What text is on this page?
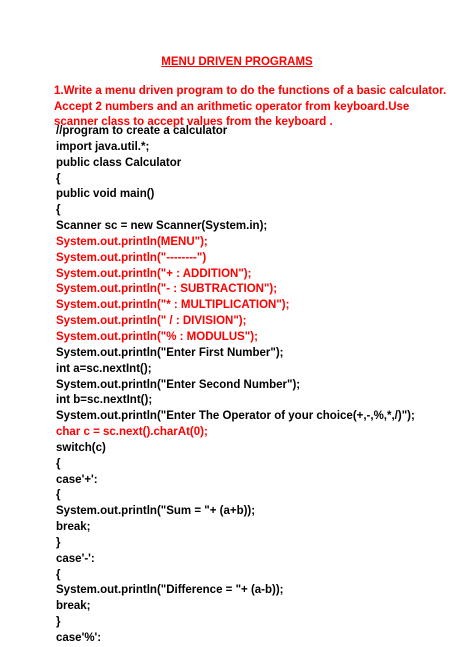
MENU DRIVEN PROGRAMS
1.Write a menu driven program to do the functions of a basic calculator.
Accept 2 numbers and an arithmetic operator from keyboard.Use
scanner class to accept values from the keyboard .
//program to create a calculator
import java.util.*;
public class Calculator
{
public void main()
{
Scanner sc = new Scanner(System.in);
System.out.println(MENU");
System.out.println("--------")
System.out.println("+ : ADDITION");
System.out.println("- : SUBTRACTION");
System.out.println("* : MULTIPLICATION");
System.out.println(" / : DIVISION");
System.out.println("% : MODULUS");
System.out.println("Enter First Number");
int a=sc.nextInt();
System.out.println("Enter Second Number");
int b=sc.nextInt();
System.out.println("Enter The Operator of your choice(+,-,%,*,/)");
char c = sc.next().charAt(0);
switch(c)
{
case'+':
{
System.out.println("Sum = "+ (a+b));
break;
}
case'-':
{
System.out.println("Difference = "+ (a-b));
break;
}
case'%':
